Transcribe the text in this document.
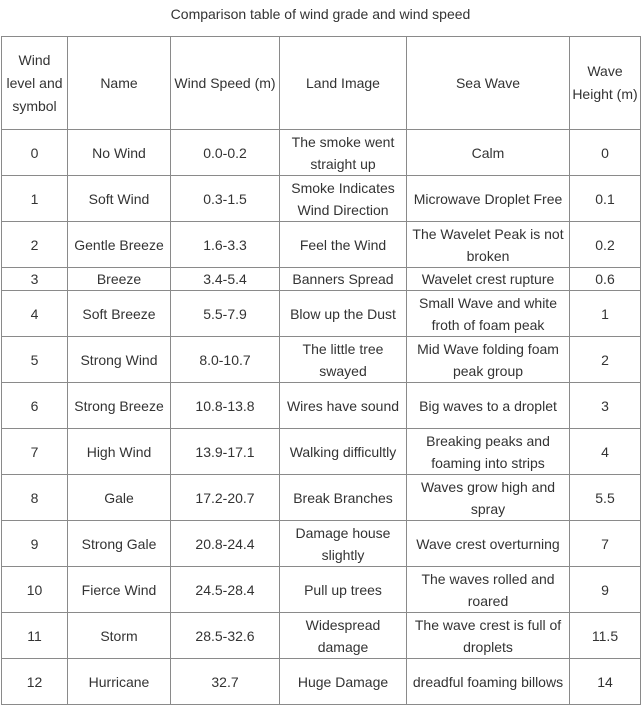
Comparison table of wind grade and wind speed
Wind level and symbol	Name	Wind Speed (m)	Land Image	Sea Wave	Wave Height (m)
0	No Wind	0.0-0.2	The smoke went straight up	Calm	0
1	Soft Wind	0.3-1.5	Smoke Indicates Wind Direction	Microwave Droplet Free	0.1
2	Gentle Breeze	1.6-3.3	Feel the Wind	The Wavelet Peak is not broken	0.2
3	Breeze	3.4-5.4	Banners Spread	Wavelet crest rupture	0.6
4	Soft Breeze	5.5-7.9	Blow up the Dust	Small Wave and white froth of foam peak	1
5	Strong Wind	8.0-10.7	The little tree swayed	Mid Wave folding foam peak group	2
6	Strong Breeze	10.8-13.8	Wires have sound	Big waves to a droplet	3
7	High Wind	13.9-17.1	Walking difficultly	Breaking peaks and foaming into strips	4
8	Gale	17.2-20.7	Break Branches	Waves grow high and spray	5.5
9	Strong Gale	20.8-24.4	Damage house slightly	Wave crest overturning	7
10	Fierce Wind	24.5-28.4	Pull up trees	The waves rolled and roared	9
11	Storm	28.5-32.6	Widespread damage	The wave crest is full of droplets	11.5
12	Hurricane	32.7	Huge Damage	dreadful foaming billows	14
